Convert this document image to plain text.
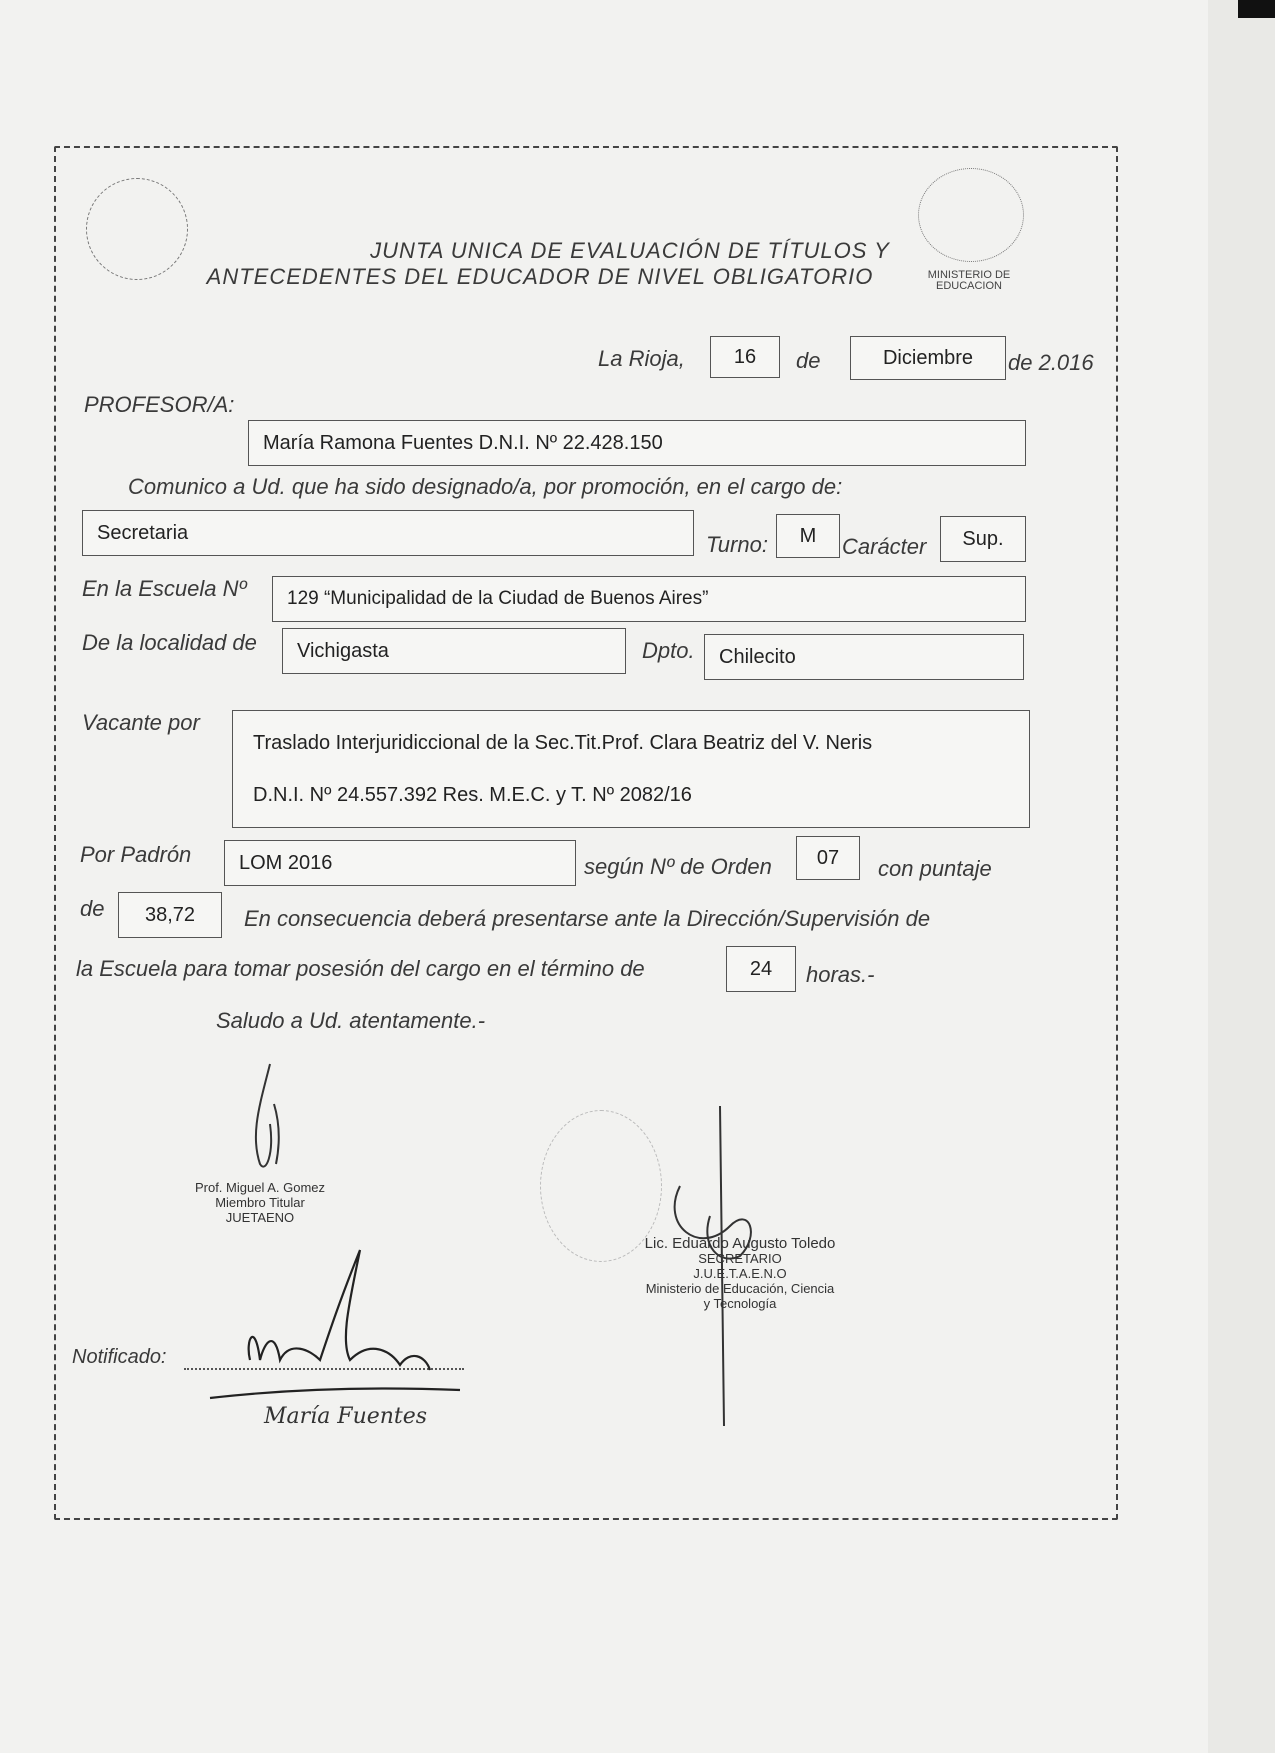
JUNTA UNICA DE EVALUACIÓN DE TÍTULOS Y
ANTECEDENTES DEL EDUCADOR DE NIVEL OBLIGATORIO	MINISTERIO DE
EDUCACION
La Rioja,	16	de	Diciembre	de 2.016
PROFESOR/A:
María Ramona Fuentes D.N.I. Nº 22.428.150
Comunico a Ud. que ha sido designado/a, por promoción, en el cargo de:
Secretaria	Turno:	M	Carácter	Sup.
En la Escuela Nº	129 “Municipalidad de la Ciudad de Buenos Aires”
De la localidad de	Vichigasta	Dpto.	Chilecito
Vacante por
Traslado Interjuridiccional de la Sec.Tit.Prof. Clara Beatriz del V. Neris
D.N.I. Nº 24.557.392 Res. M.E.C. y T. Nº 2082/16
Por Padrón	LOM 2016	según Nº de Orden	07	con puntaje
de	38,72	En consecuencia deberá presentarse ante la Dirección/Supervisión de
la Escuela para tomar posesión del cargo en el término de	24	horas.-
Saludo a Ud. atentamente.-
Prof. Miguel A. Gomez
Miembro Titular
JUETAENO
Lic. Eduardo Augusto Toledo
SECRETARIO
J.U.E.T.A.E.N.O
Ministerio de Educación, Ciencia
y Tecnología
Notificado:
María Fuentes
